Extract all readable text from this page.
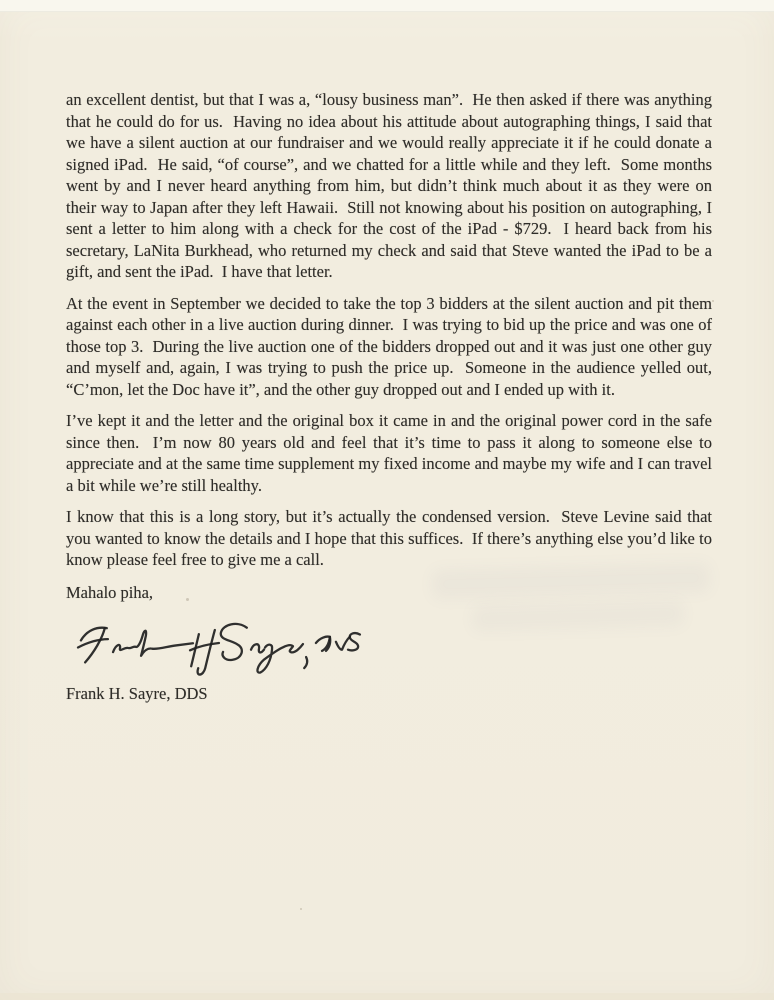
an excellent dentist, but that I was a, “lousy business man”.  He then asked if there was anything that he could do for us.  Having no idea about his attitude about autographing things, I said that we have a silent auction at our fundraiser and we would really appreciate it if he could donate a signed iPad.  He said, “of course”, and we chatted for a little while and they left.  Some months went by and I never heard anything from him, but didn’t think much about it as they were on their way to Japan after they left Hawaii.  Still not knowing about his position on autographing, I sent a letter to him along with a check for the cost of the iPad - $729.  I heard back from his secretary, LaNita Burkhead, who returned my check and said that Steve wanted the iPad to be a gift, and sent the iPad.  I have that letter.

At the event in September we decided to take the top 3 bidders at the silent auction and pit them against each other in a live auction during dinner.  I was trying to bid up the price and was one of those top 3.  During the live auction one of the bidders dropped out and it was just one other guy and myself and, again, I was trying to push the price up.  Someone in the audience yelled out, “C’mon, let the Doc have it”, and the other guy dropped out and I ended up with it.

I’ve kept it and the letter and the original box it came in and the original power cord in the safe since then.  I’m now 80 years old and feel that it’s time to pass it along to someone else to appreciate and at the same time supplement my fixed income and maybe my wife and I can travel a bit while we’re still healthy.

I know that this is a long story, but it’s actually the condensed version.  Steve Levine said that you wanted to know the details and I hope that this suffices.  If there’s anything else you’d like to know please feel free to give me a call.

Mahalo piha,

Frank H. Sayre, DDS
